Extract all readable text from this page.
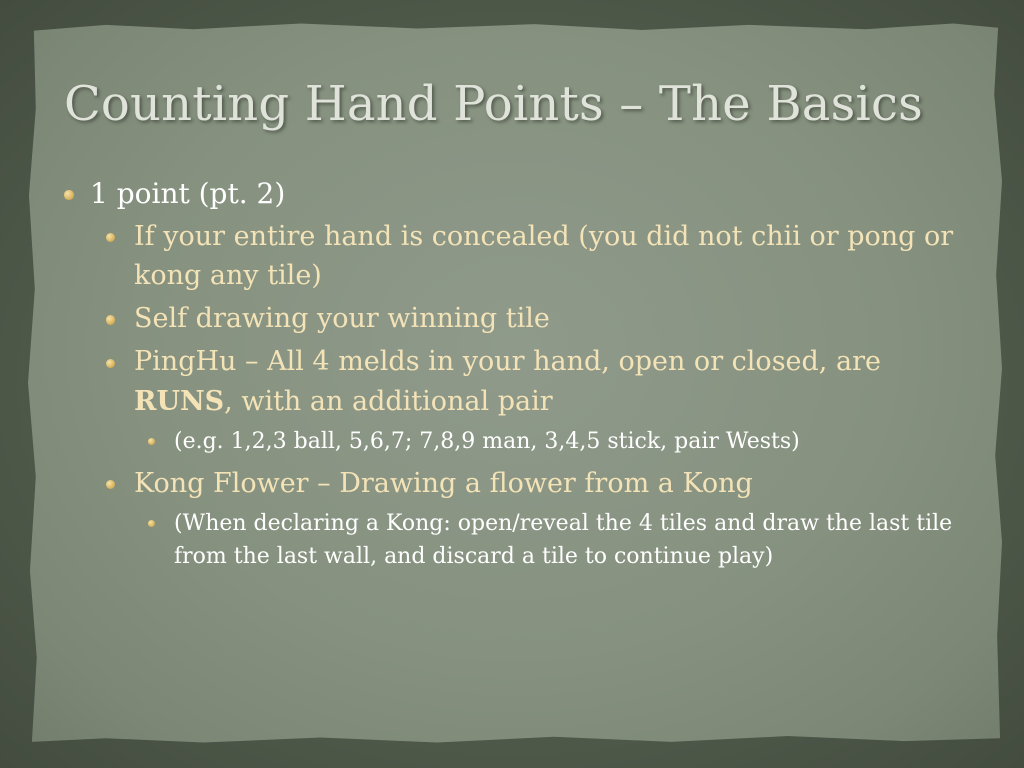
Counting Hand Points – The Basics

1 point (pt. 2)

If your entire hand is concealed (you did not chii or pong or kong any tile)

Self drawing your winning tile

PingHu – All 4 melds in your hand, open or closed, are RUNS, with an additional pair

(e.g. 1,2,3 ball, 5,6,7; 7,8,9 man, 3,4,5 stick, pair Wests)

Kong Flower – Drawing a flower from a Kong

(When declaring a Kong: open/reveal the 4 tiles and draw the last tile from the last wall, and discard a tile to continue play)
